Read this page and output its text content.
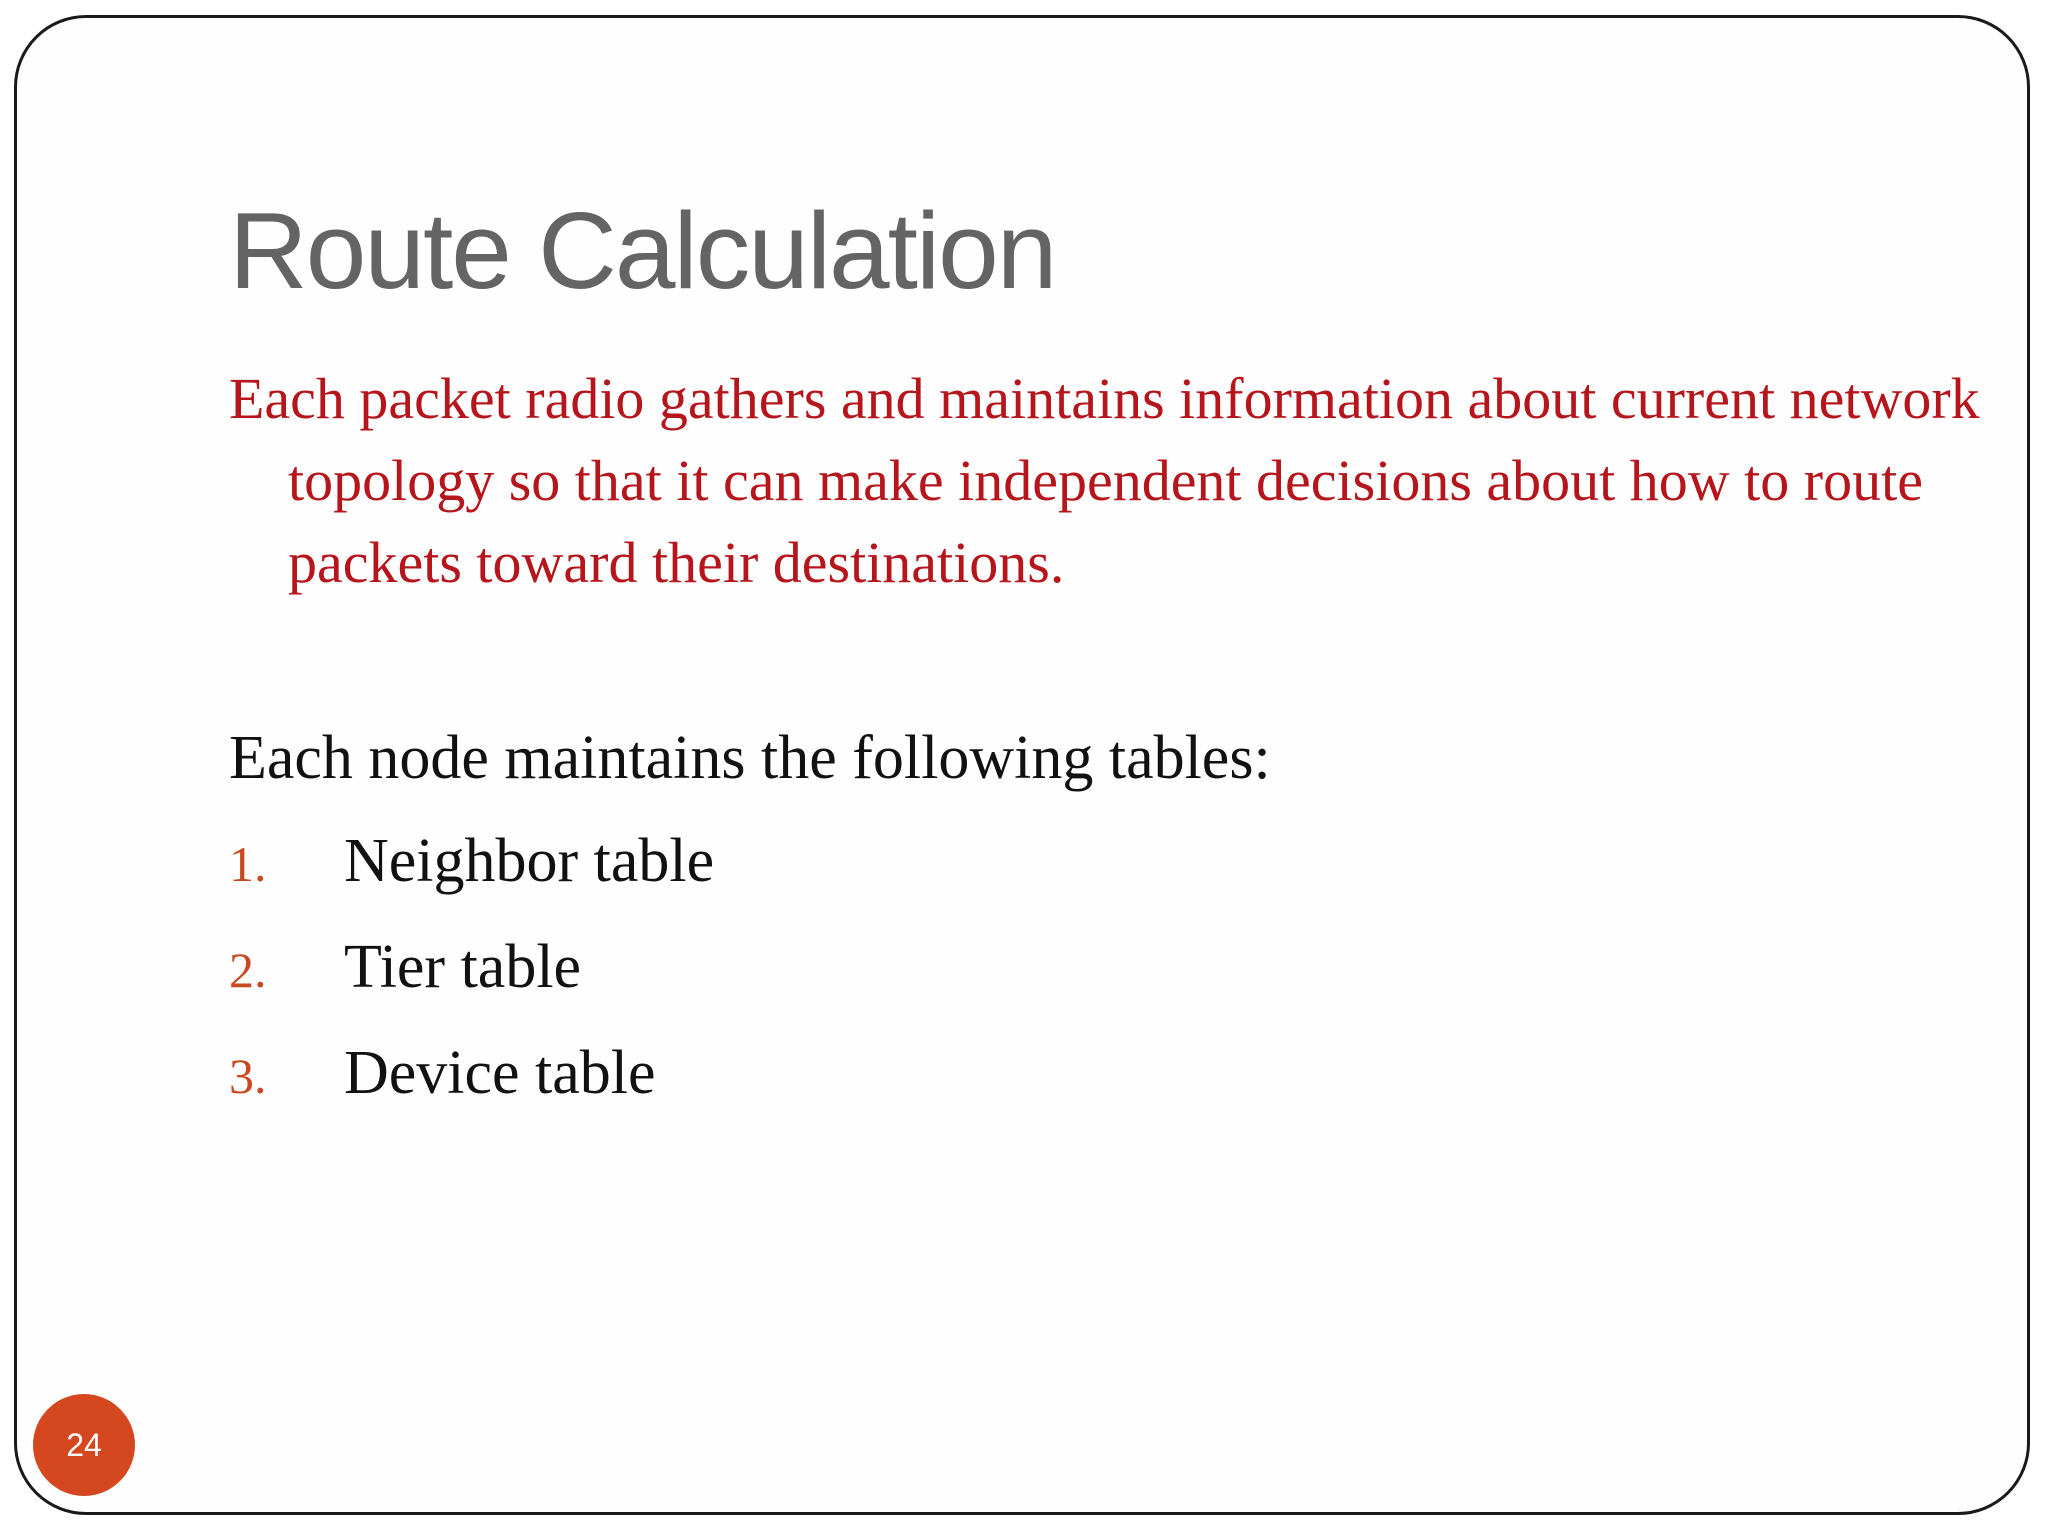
Route Calculation

Each packet radio gathers and maintains information about current network topology so that it can make independent decisions about how to route packets toward their destinations.

Each node maintains the following tables:

1.	Neighbor table
2.	Tier table
3.	Device table
24
